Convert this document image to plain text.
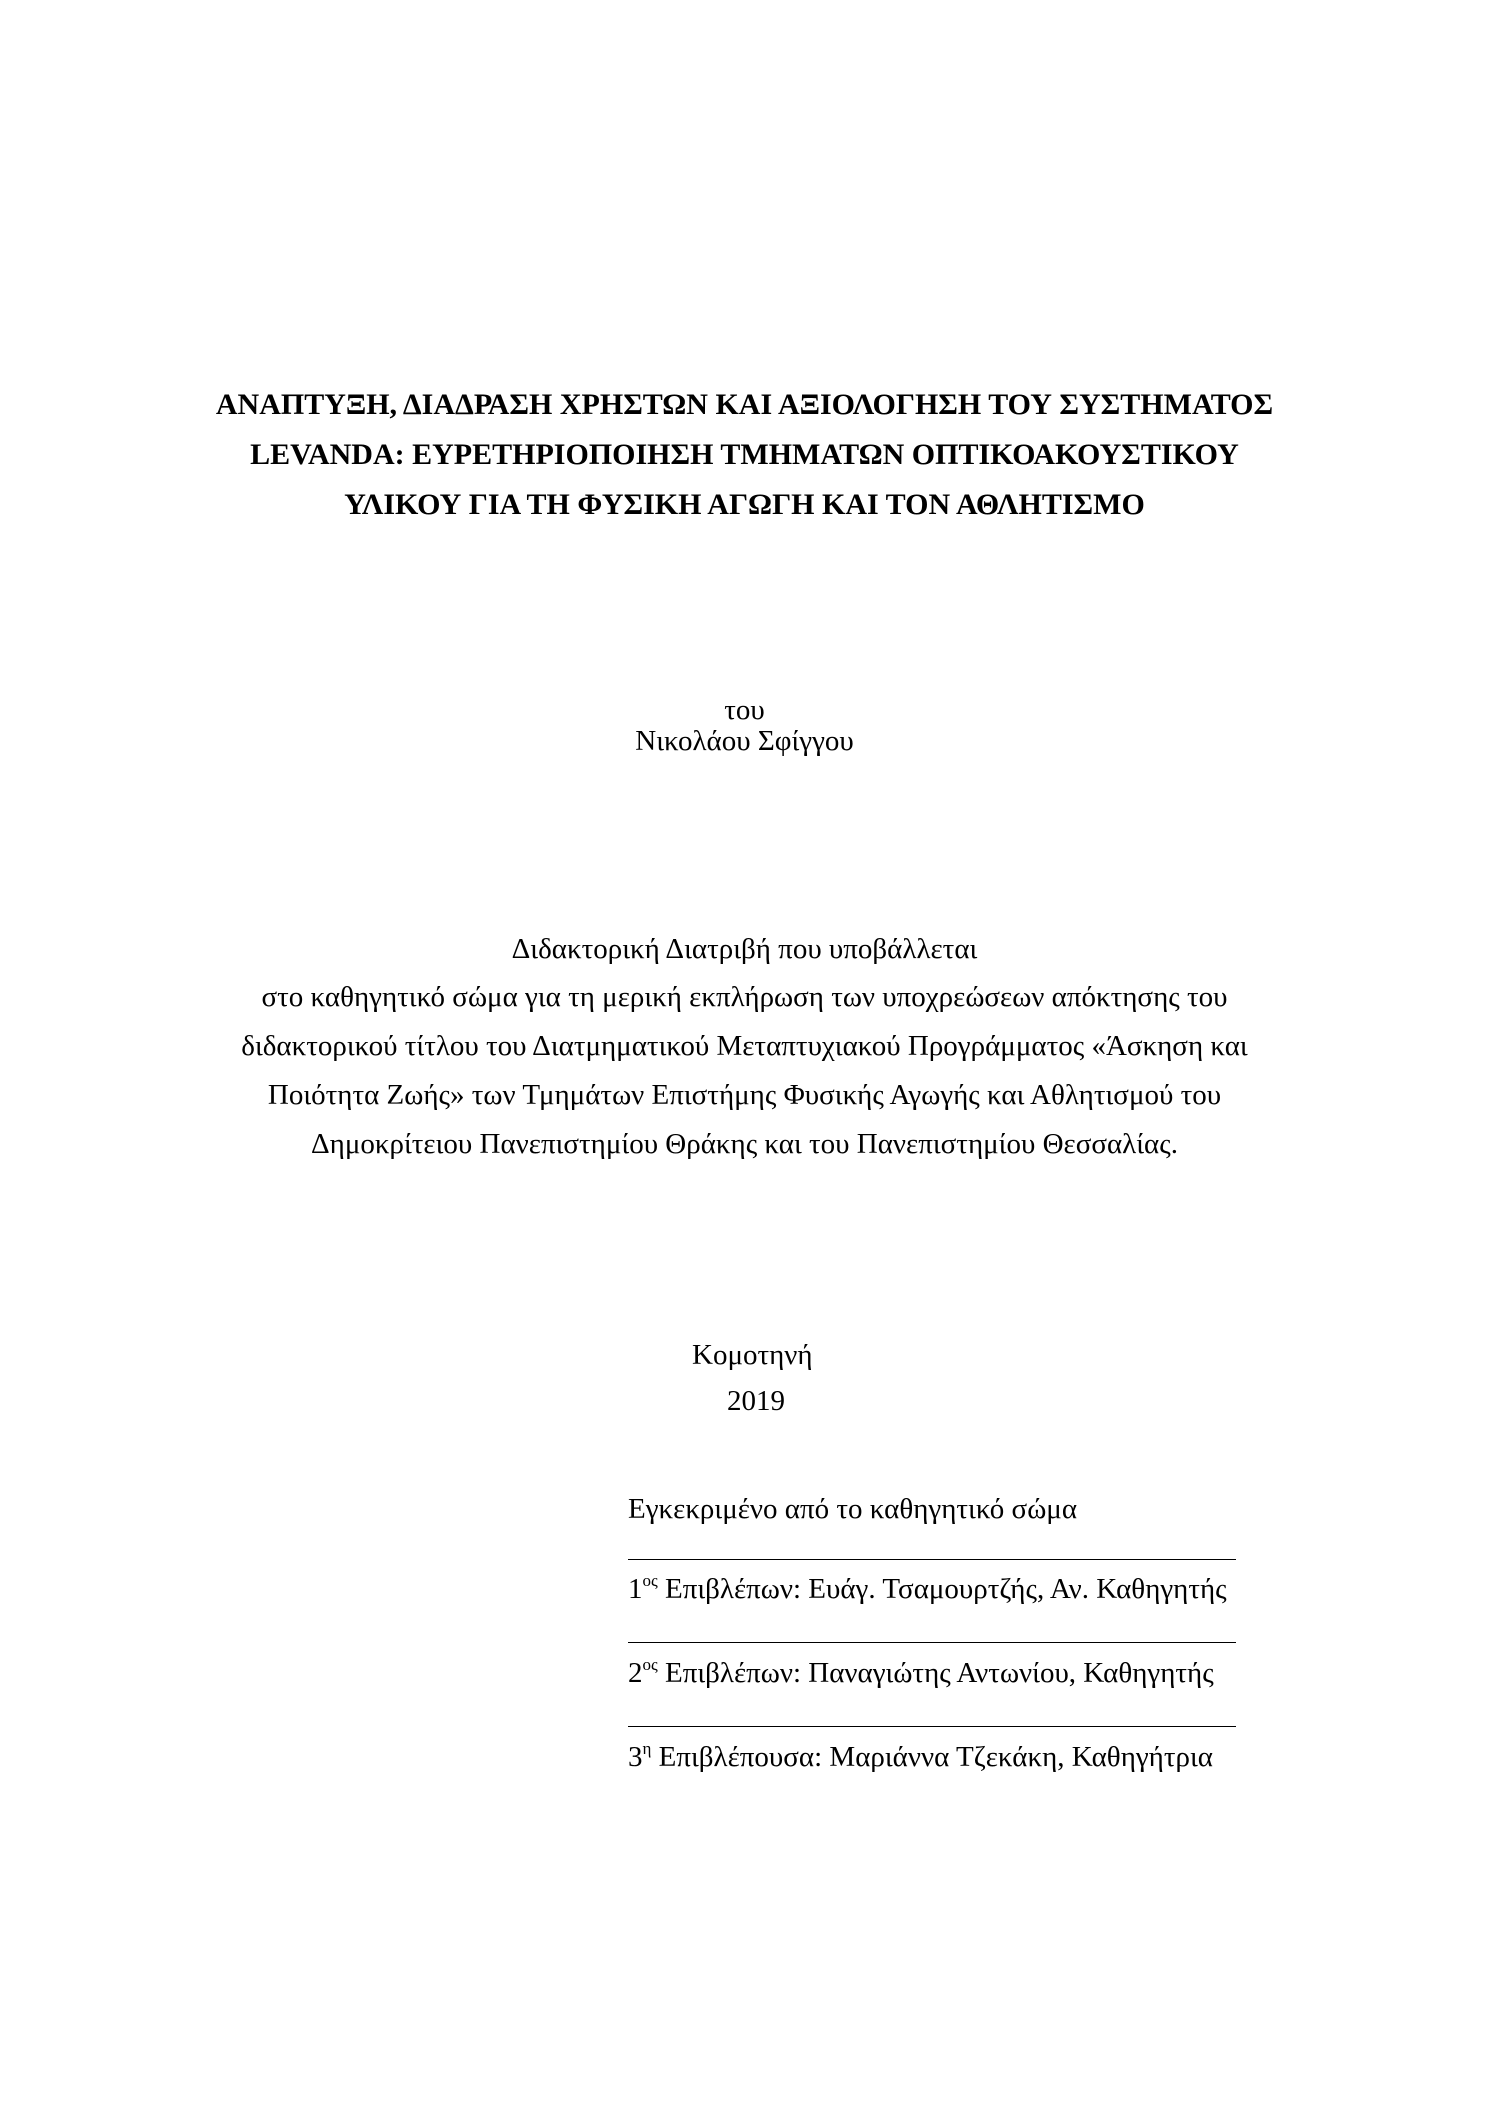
ΑΝΑΠΤΥΞΗ, ΔΙΑΔΡΑΣΗ ΧΡΗΣΤΩΝ ΚΑΙ ΑΞΙΟΛΟΓΗΣΗ ΤΟΥ ΣΥΣΤΗΜΑΤΟΣ
LEVANDA: ΕΥΡΕΤΗΡΙΟΠΟΙΗΣΗ ΤΜΗΜΑΤΩΝ ΟΠΤΙΚΟΑΚΟΥΣΤΙΚΟΥ
ΥΛΙΚΟΥ ΓΙΑ ΤΗ ΦΥΣΙΚΗ ΑΓΩΓΗ ΚΑΙ ΤΟΝ ΑΘΛΗΤΙΣΜΟ
του
Νικολάου Σφίγγου
Διδακτορική Διατριβή που υποβάλλεται
στο καθηγητικό σώμα για τη μερική εκπλήρωση των υποχρεώσεων απόκτησης του
διδακτορικού τίτλου του Διατμηματικού Μεταπτυχιακού Προγράμματος «Άσκηση και
Ποιότητα Ζωής» των Τμημάτων Επιστήμης Φυσικής Αγωγής και Αθλητισμού του
Δημοκρίτειου Πανεπιστημίου Θράκης και του Πανεπιστημίου Θεσσαλίας.
Κομοτηνή
2019
Εγκεκριμένο από το καθηγητικό σώμα
$1^{o\varsigma}$ Επιβλέπων: Ευάγ. Τσαμουρτζής, Αν. Καθηγητής
$2^{o\varsigma}$ Επιβλέπων: Παναγιώτης Αντωνίου, Καθηγητής
$3^\eta$ Επιβλέπουσα: Μαριάννα Τζεκάκη, Καθηγήτρια
